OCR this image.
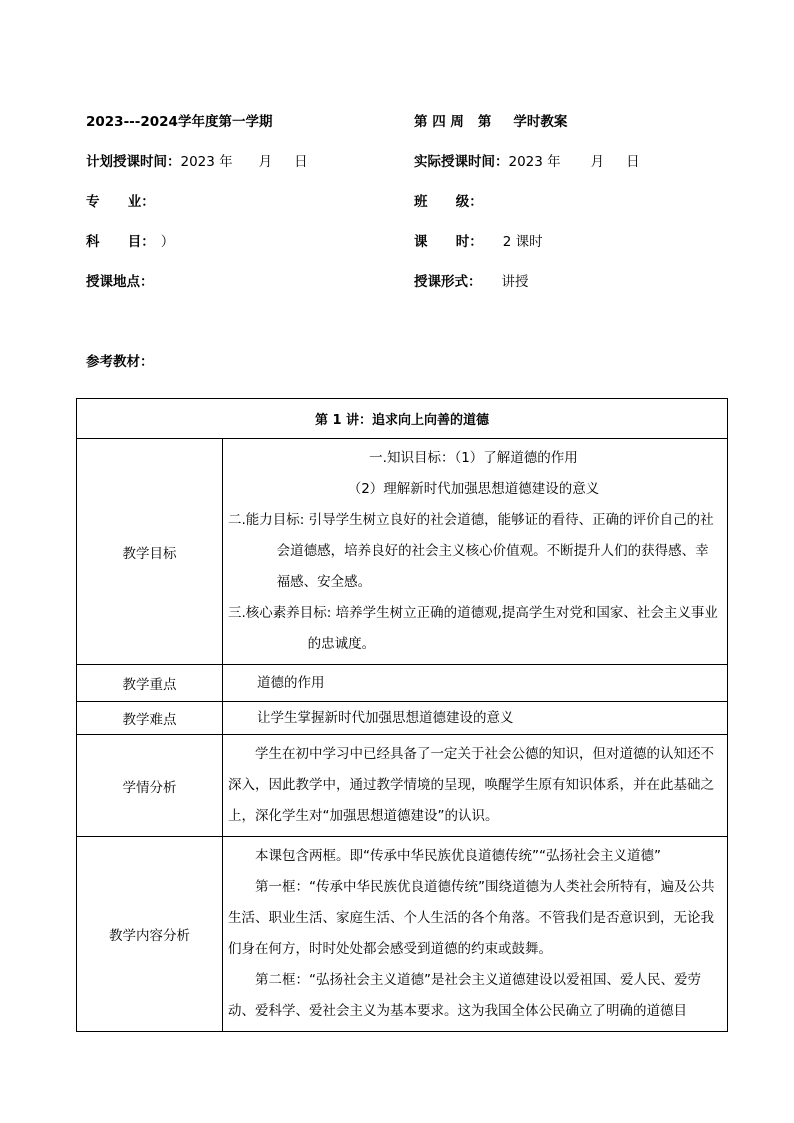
2023---2024学年度第一学期	第 四 周 第 学时教案
计划授课时间：2023 年 月 日	实际授课时间：2023 年 月 日
专      业：	班      级：
科      目： ）	课      时： 2 课时
授课地点：	授课形式： 讲授
参考教材：
第 1 讲：追求向上向善的道德	
教学目标	一.知识目标：（1）了解道德的作用
（2）理解新时代加强思想道德建设的意义
二.能力目标: 引导学生树立良好的社会道德，能够证的看待、正确的评价自己的社会道德感，培养良好的社会主义核心价值观。不断提升人们的获得感、幸福感、安全感。
三.核心素养目标: 培养学生树立正确的道德观,提高学生对党和国家、社会主义事业的忠诚度。

教学重点	道德的作用
教学难点	让学生掌握新时代加强思想道德建设的意义
学情分析	学生在初中学习中已经具备了一定关于社会公德的知识，但对道德的认知还不深入，因此教学中，通过教学情境的呈现，唤醒学生原有知识体系，并在此基础之上，深化学生对“加强思想道德建设”的认识。

教学内容分析	本课包含两框。即“传承中华民族优良道德传统”“弘扬社会主义道德”
第一框：“传承中华民族优良道德传统”围绕道德为人类社会所特有，遍及公共生活、职业生活、家庭生活、个人生活的各个角落。不管我们是否意识到，无论我们身在何方，时时处处都会感受到道德的约束或鼓舞。
第二框：“弘扬社会主义道德”是社会主义道德建设以爱祖国、爱人民、爱劳动、爱科学、爱社会主义为基本要求。这为我国全体公民确立了明确的道德目
